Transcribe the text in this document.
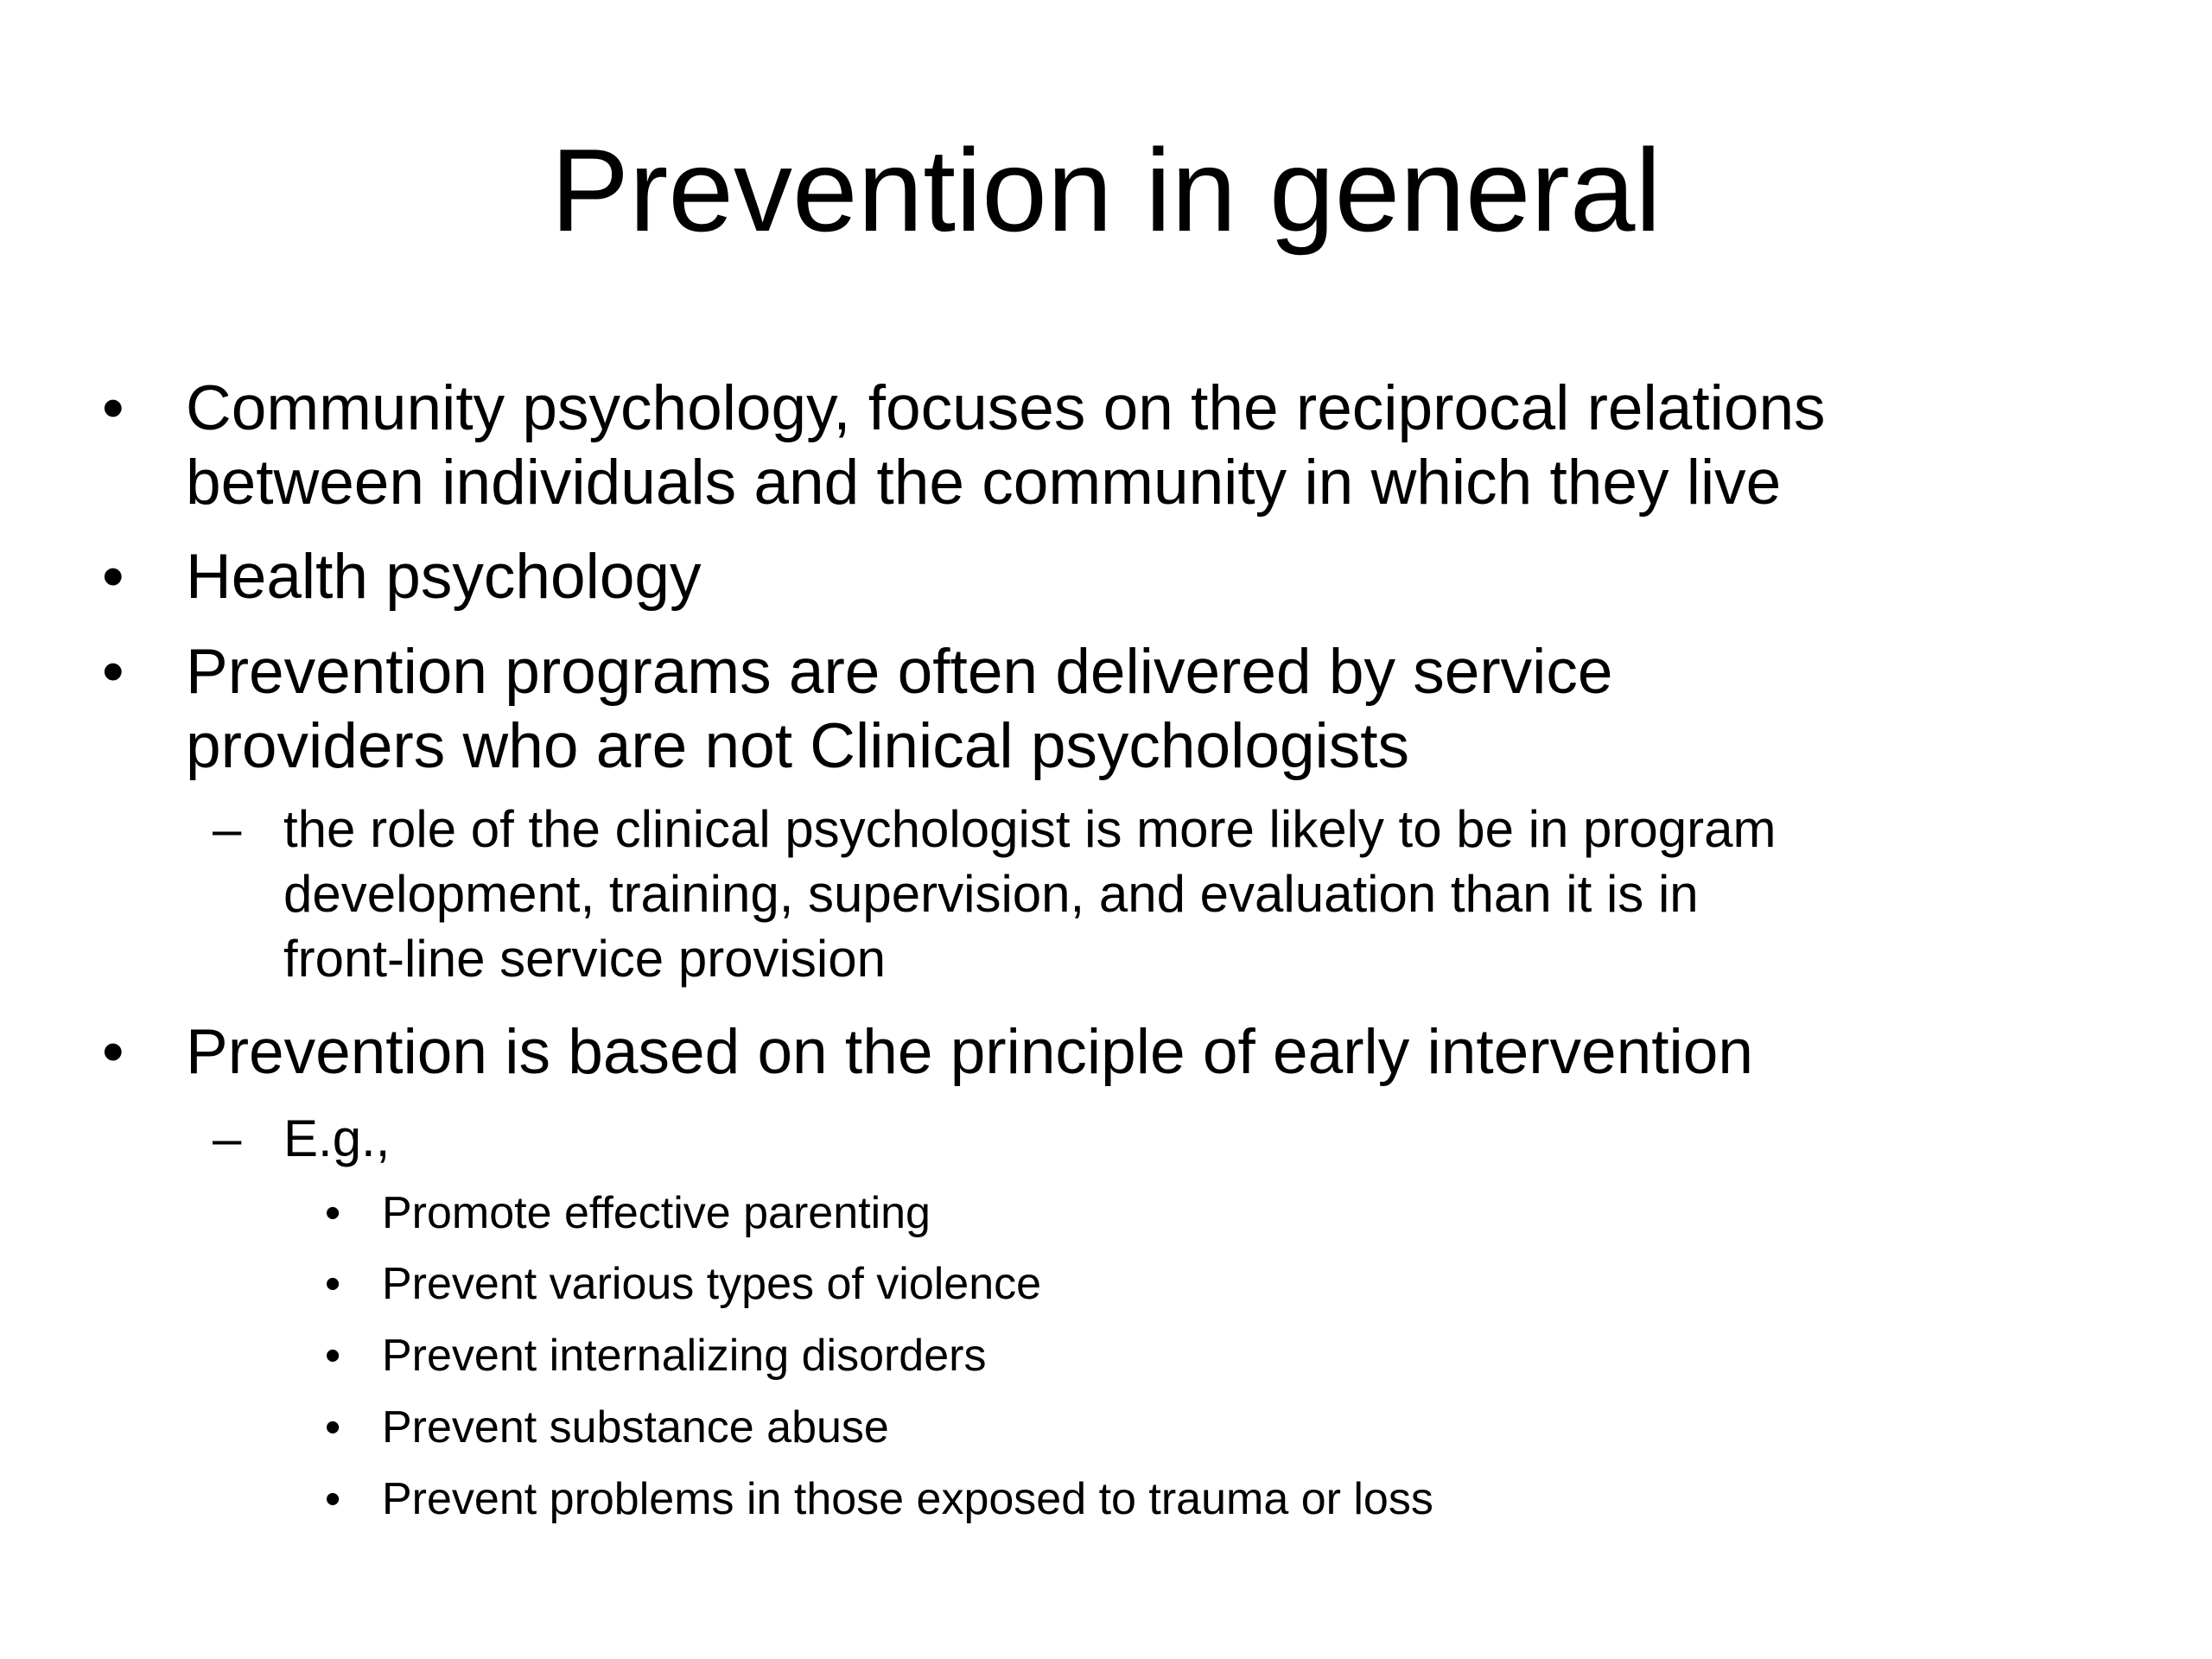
Prevention in general
• Community psychology, focuses on the reciprocal relations
between individuals and the community in which they live
• Health psychology
• Prevention programs are often delivered by service
providers who are not Clinical psychologists
– the role of the clinical psychologist is more likely to be in program
development, training, supervision, and evaluation than it is in
front-line service provision
• Prevention is based on the principle of early intervention
– E.g.,
• Promote effective parenting
• Prevent various types of violence
• Prevent internalizing disorders
• Prevent substance abuse
• Prevent problems in those exposed to trauma or loss
